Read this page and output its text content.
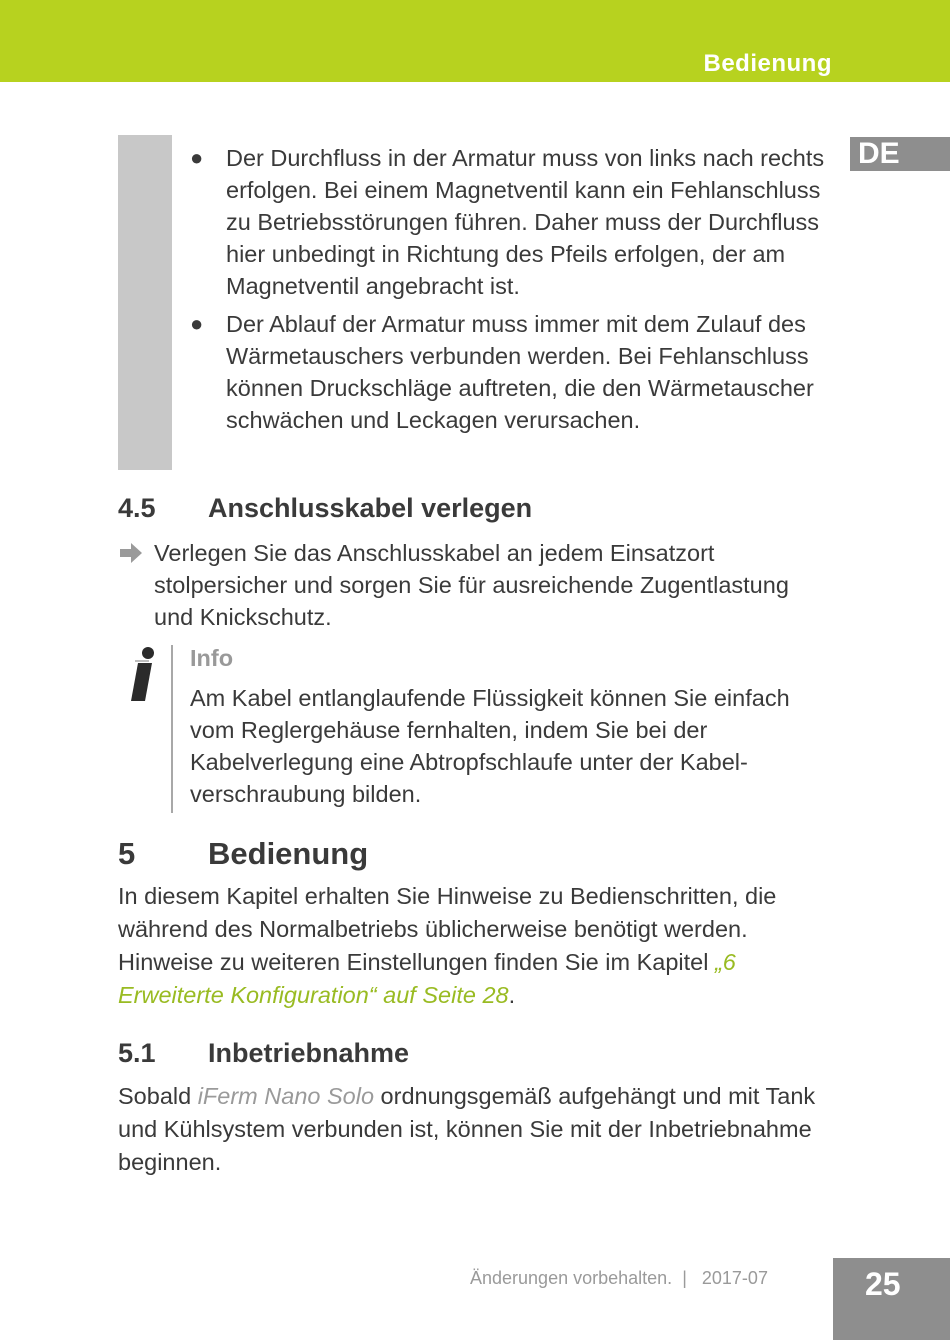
Bedienung
DE
● Der Durchfluss in der Armatur muss von links nach rechts erfolgen. Bei einem Magnetventil kann ein Fehlanschluss zu Betriebsstörungen führen. Daher muss der Durchfluss hier unbedingt in Richtung des Pfeils erfolgen, der am Magnetventil angebracht ist.
● Der Ablauf der Armatur muss immer mit dem Zulauf des Wärmetauschers verbunden werden. Bei Fehlanschluss können Druckschläge auftreten, die den Wärmetauscher schwächen und Leckagen verursachen.
4.5 Anschlusskabel verlegen

Verlegen Sie das Anschlusskabel an jedem Einsatzort stolpersicher und sorgen Sie für ausreichende Zugentlastung und Knickschutz.

Info

Am Kabel entlanglaufende Flüssigkeit können Sie einfach vom Reglergehäuse fernhalten, indem Sie bei der Kabelverlegung eine Abtropfschlaufe unter der Kabelverschraubung bilden.

5 Bedienung

In diesem Kapitel erhalten Sie Hinweise zu Bedienschritten, die während des Normalbetriebs üblicherweise benötigt werden. Hinweise zu weiteren Einstellungen finden Sie im Kapitel „6 Erweiterte Konfiguration“ auf Seite 28.

5.1 Inbetriebnahme

Sobald iFerm Nano Solo ordnungsgemäß aufgehängt und mit Tank und Kühlsystem verbunden ist, können Sie mit der Inbetriebnahme beginnen.

Änderungen vorbehalten. | 2017-07	25
